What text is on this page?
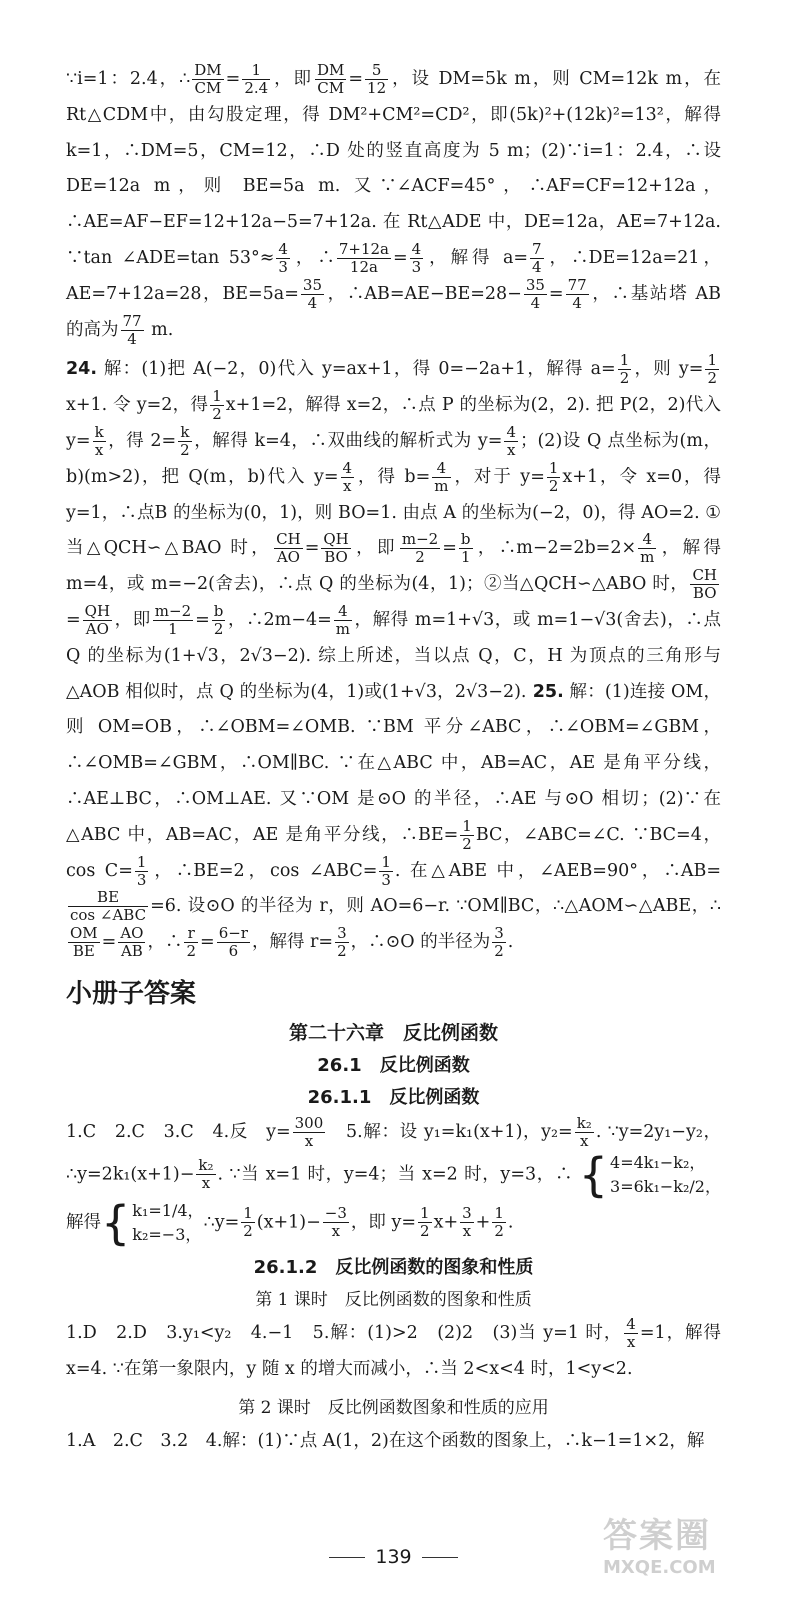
∵i=1：2.4，∴ $\frac{DM}{CM} = \frac{1}{2.4}$ ，即 $\frac{DM}{CM} = \frac{5}{12}$ ，设 DM=5k m，则 CM=12k m，在Rt△CDM中，由勾股定理，得 DM²+CM²=CD²，即(5k)²+(12k)²=13²，解得 k=1，∴DM=5，CM=12，∴D 处的竖直高度为 5 m；(2)∵i=1：2.4，∴设 DE=12a m，则 BE=5a m. 又∵∠ACF=45°，∴AF=CF=12+12a，∴AE=AF−EF=12+12a−5=7+12a. 在 Rt△ADE 中，DE=12a，AE=7+12a. ∵tan ∠ADE=tan $53^\circ\approx \frac{4}{3}$ ，∴ $\frac{7+12a}{12a} = \frac{4}{3}$ ，解得 $a= \frac{7}{4}$ ，∴DE=12a=21，AE=7+12a=28，$BE=5a= \frac{35}{4}$ ，∴AB=AE−BE=28− $\frac{35}{4} = \frac{77}{4}$ ，∴基站塔 AB 的高为 $\frac{77}{4} m$.

24. 解：(1)把 A(−2，0)代入 y=ax+1，得 0=−2a+1，解得 $a= \frac{1}{2}$ ，则 $y= \frac{1}{2}$
x+1. 令 y=2，得 $\frac{1}{2} x+1=2$，解得 x=2，∴点 P 的坐标为(2，2). 把 P(2，2)代入 $y= \frac{k}{x}$ ，得 $2= \frac{k}{2}$ ，解得 k=4，∴双曲线的解析式为 $y= \frac{4}{x}$ ；(2)设 Q 点坐标为(m，b)(m>2)，把 Q(m，b)代入 $y= \frac{4}{x}$ ，得 $b= \frac{4}{m}$ ，对于 $y= \frac{1}{2} x+1$，令 x=0，得 y=1，∴点B 的坐标为(0，1)，则 BO=1. 由点 A 的坐标为(−2，0)，得 AO=2. ①当△QCH∽△BAO 时， $\frac{CH}{AO} = \frac{QH}{BO}$ ，即 $\frac{m-2}{2} = \frac{b}{1}$ ，∴m−2=2b=2× $\frac{4}{m}$ ，解得 m=4，或 m=−2(舍去)，∴点 Q 的坐标为(4，1)；②当△QCH∽△ABO 时， $\frac{CH}{BO}$
= $\frac{QH}{AO}$ ，即 $\frac{m-2}{1} = \frac{b}{2}$ ，∴2m−4= $\frac{4}{m}$ ，解得 m=1+√3，或 m=1−√3(舍去)，∴点 Q 的坐标为(1+√3，2√3−2). 综上所述，当以点 Q，C，H 为顶点的三角形与△AOB 相似时，点 Q 的坐标为(4，1)或(1+√3，2√3−2). 25. 解：(1)连接 OM，则 OM=OB，∴∠OBM=∠OMB. ∵BM 平分∠ABC，∴∠OBM=∠GBM，∴∠OMB=∠GBM，∴OM∥BC. ∵在△ABC 中，AB=AC，AE 是角平分线，∴AE⊥BC，∴OM⊥AE. 又∵OM 是⊙O 的半径，∴AE 与⊙O 相切；(2)∵在△ABC 中，AB=AC，AE 是角平分线，∴BE= $\frac{1}{2}$ BC，∠ABC=∠C. ∵BC=4，$\cos C= \frac{1}{3}$ ，∴BE=2，cos ∠ABC= $\frac{1}{3}$ . 在△ABE 中，∠AEB=90°，∴AB=
$\frac{BE}{\text{cos ∠ABC}} =6$. 设⊙O 的半径为 r，则 AO=6−r. ∵OM∥BC，∴△AOM∽△ABE，∴
$\frac{OM}{BE} = \frac{AO}{AB}$ ，∴ $\frac{r}{2} = \frac{6-r}{6}$ ，解得 $r= \frac{3}{2}$ ，∴⊙O 的半径为 $\frac{3}{2}$ .

小册子答案
第二十六章　反比例函数
26.1　反比例函数
26.1.1　反比例函数

1.C　2.C　3.C　4.反　$y= \frac{300}{x}$ 　5.解：设 y₁=k₁(x+1)，$y_2= \frac{\text{k₂}}{x}$ . ∵y=2y₁−y₂，∴y=2k₁(x+1)− $\frac{\text{k₂}}{x}$ . ∵当 x=1 时，y=4；当 x=2 时，y=3，∴ { 4=4k₁−k₂，
3=6k₁−k₂/2，
解得 { k₁=1/4，
k₂=−3，
∴y= $\frac{1}{2} (x+1)- \frac{-3}{x}$ ，即 $y= \frac{1}{2} x+ \frac{3}{x} + \frac{1}{2}$ .

26.1.2　反比例函数的图象和性质
第 1 课时　反比例函数的图象和性质

1.D　2.D　3.y₁<y₂　4.−1　5.解：(1)>2　(2)2　(3)当 y=1 时， $\frac{4}{x} =1$，解得 x=4. ∵在第一象限内，y 随 x 的增大而减小，∴当 2<x<4 时，1<y<2.

第 2 课时　反比例函数图象和性质的应用

1.A　2.C　3.2　4.解：(1)∵点 A(1，2)在这个函数的图象上，∴k−1=1×2，解

139
答案圈
MXQE.COM
